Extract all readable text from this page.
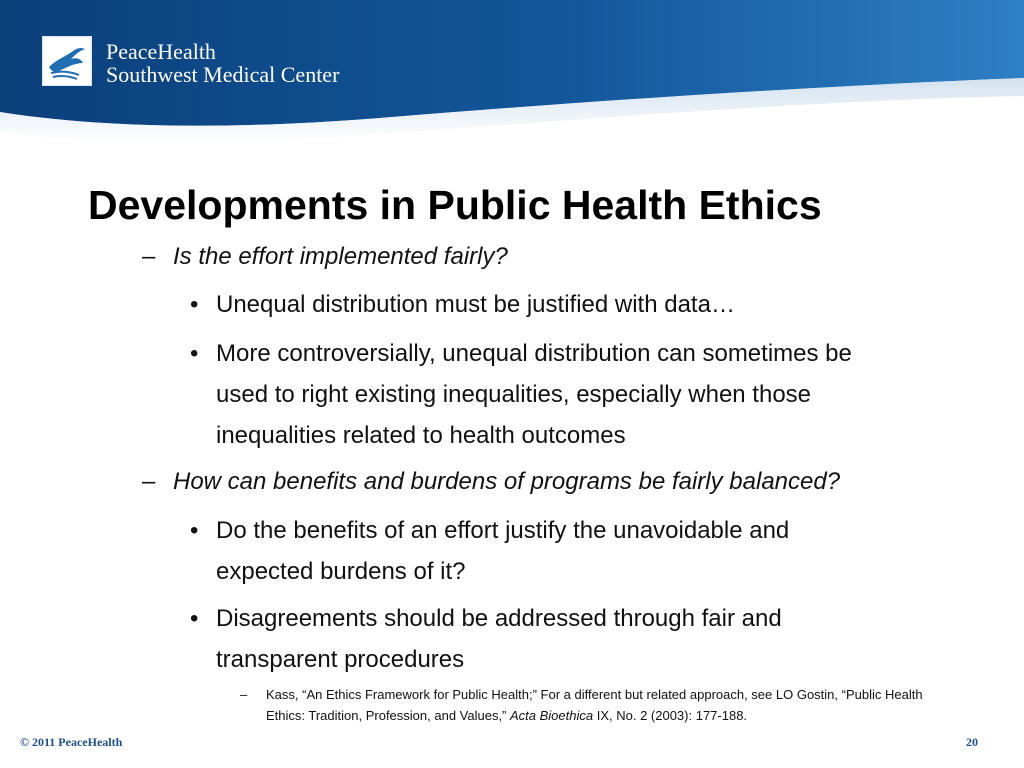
PeaceHealth
Southwest Medical Center
Developments in Public Health Ethics
– Is the effort implemented fairly?
• Unequal distribution must be justified with data…
• More controversially, unequal distribution can sometimes be
used to right existing inequalities, especially when those
inequalities related to health outcomes
– How can benefits and burdens of programs be fairly balanced?
• Do the benefits of an effort justify the unavoidable and
expected burdens of it?
• Disagreements should be addressed through fair and
transparent procedures
– Kass, “An Ethics Framework for Public Health;” For a different but related approach, see LO Gostin, “Public Health Ethics: Tradition, Profession, and Values,” Acta Bioethica IX, No. 2 (2003): 177-188.
© 2011 PeaceHealth	20
